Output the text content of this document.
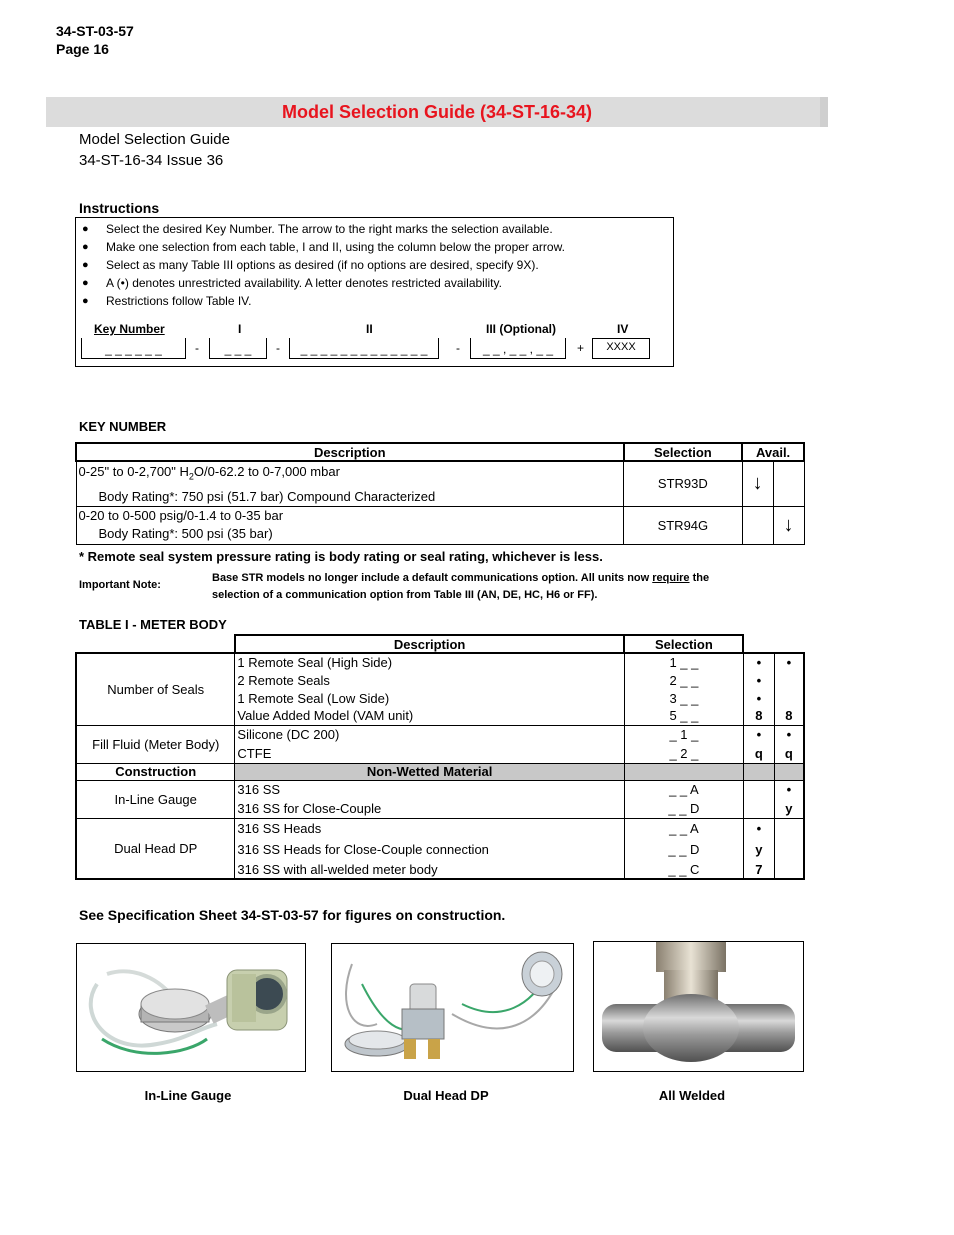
34-ST-03-57
Page 16
Model Selection Guide (34-ST-16-34)
Model Selection Guide
34-ST-16-34 Issue 36
Instructions
● Select the desired Key Number. The arrow to the right marks the selection available.
● Make one selection from each table, I and II, using the column below the proper arrow.
● Select as many Table III options as desired (if no options are desired, specify 9X).
● A (•) denotes unrestricted availability. A letter denotes restricted availability.
● Restrictions follow Table IV.
Key Number	I	II	III (Optional)	IV
_ _ _ _ _ _	-	_ _ _	-	_ _ _ _ _ _ _ _ _ _ _ _ _	-	_ _ , _ _ , _ _	+	XXXX
KEY NUMBER
Description	Selection	Avail.	

0-25" to 0-2,700" $H_2O/0-62.2$ to 0-7,000 mbar
Body Rating*: 750 psi (51.7 bar) Compound Characterized	STR93D	↓	

0-20 to 0-500 psig/0-1.4 to 0-35 bar
Body Rating*: 500 psi (35 bar)	STR94G		↓
* Remote seal system pressure rating is body rating or seal rating, whichever is less.
Important Note:
Base STR models no longer include a default communications option. All units now require the
selection of a communication option from Table III (AN, DE, HC, H6 or FF).
TABLE I - METER BODY
	Description	Selection		
Number of Seals	1 Remote Seal (High Side)	1 _ _	•	•
	2 Remote Seals	2 _ _	•	
	1 Remote Seal (Low Side)	3 _ _	•	
	Value Added Model (VAM unit)	5 _ _	8	8
Fill Fluid (Meter Body)	Silicone (DC 200)	_ 1 _	•	•
	CTFE	_ 2 _	q	q
Construction	Non-Wetted Material			
In-Line Gauge	316 SS	_ _ A		•
	316 SS for Close-Couple	_ _ D		y
Dual Head DP	316 SS Heads	_ _ A	•	
	316 SS Heads for Close-Couple connection	_ _ D	y	
	316 SS with all-welded meter body	_ _ C	7	
See Specification Sheet 34-ST-03-57 for figures on construction.
In-Line Gauge	Dual Head DP	All Welded
